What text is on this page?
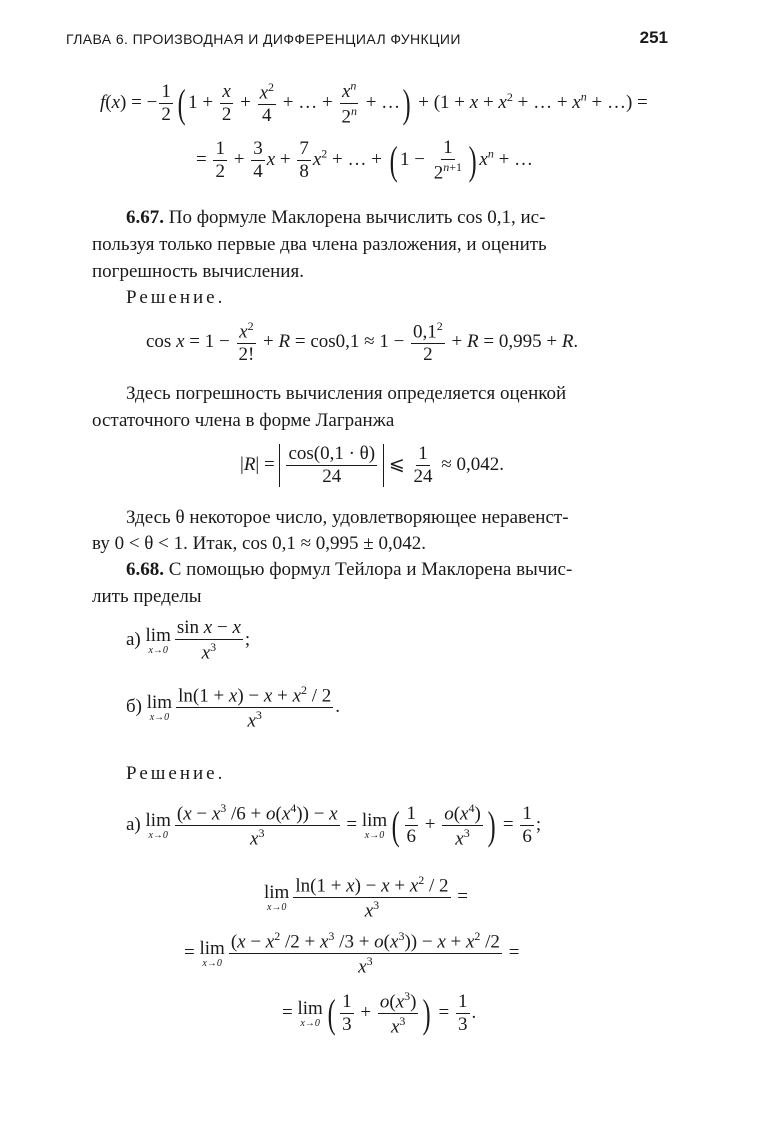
ГЛАВА 6. ПРОИЗВОДНАЯ И ДИФФЕРЕНЦИАЛ ФУНКЦИИ	251
f(x) = − $\frac{1}{2}$ ( $1 + \frac{x}{2} + \frac{x^2}{4}$ + … + $\frac{x^n}{2^n}$ + …) + ($1 + x + x^2$ + … + $x^n$ + …) =
= $\frac{1}{2} + \frac{3}{4}$ $x + \frac{7}{8} x^2$ + … + ( $1 - \frac{1}{2^{n+1}}$ ) $x^n$ + …
6.67. По формуле Маклорена вычислить cos 0,1, ис-
пользуя только первые два члена разложения, и оценить
погрешность вычисления.
Решение.
$\cos x = 1 - \frac{x^2}{2!} + R = \cos 0,1 \approx 1 - \frac{0,1^2}{2} + R = 0,995 + R$.
Здесь погрешность вычисления определяется оценкой
остаточного члена в форме Лагранжа
$|R| = \frac{\cos(0,1 \cdot \theta)}{24}$ ⩽ $\frac{1}{24} \approx 0,042$.
Здесь θ некоторое число, удовлетворяющее неравенст-
ву 0 < θ < 1. Итак, cos 0,1 ≈ 0,995 ± 0,042.
6.68. С помощью формул Тейлора и Маклорена вычис-
лить пределы
а) lim
$x\to 0 \frac{\text{sin x − x}}{x^3}$ ;
б) lim
$x\to 0 \frac{\ln(1 + x) - x + x^2 / 2}{x^3}$ .
Решение.
а) lim
$x\to 0 \frac{(x - x^3 /6 + o(x^4)) - x}{x^3} = \lim$
x→0 ( $\frac{1}{6} + \frac{o(x^4)}{x^3}$ ) = $\frac{1}{6}$ ;
lim
$x\to 0 \frac{\ln(1 + x) - x + x^2 / 2}{x^3}$ =
= lim
$x\to 0 \frac{(x - x^2 /2 + x^3 /3 + o(x^3)) - x + x^2 /2}{x^3}$ =
= lim
x→0 ( $\frac{1}{3} + \frac{o(x^3)}{x^3}$ ) = $\frac{1}{3}$ .
